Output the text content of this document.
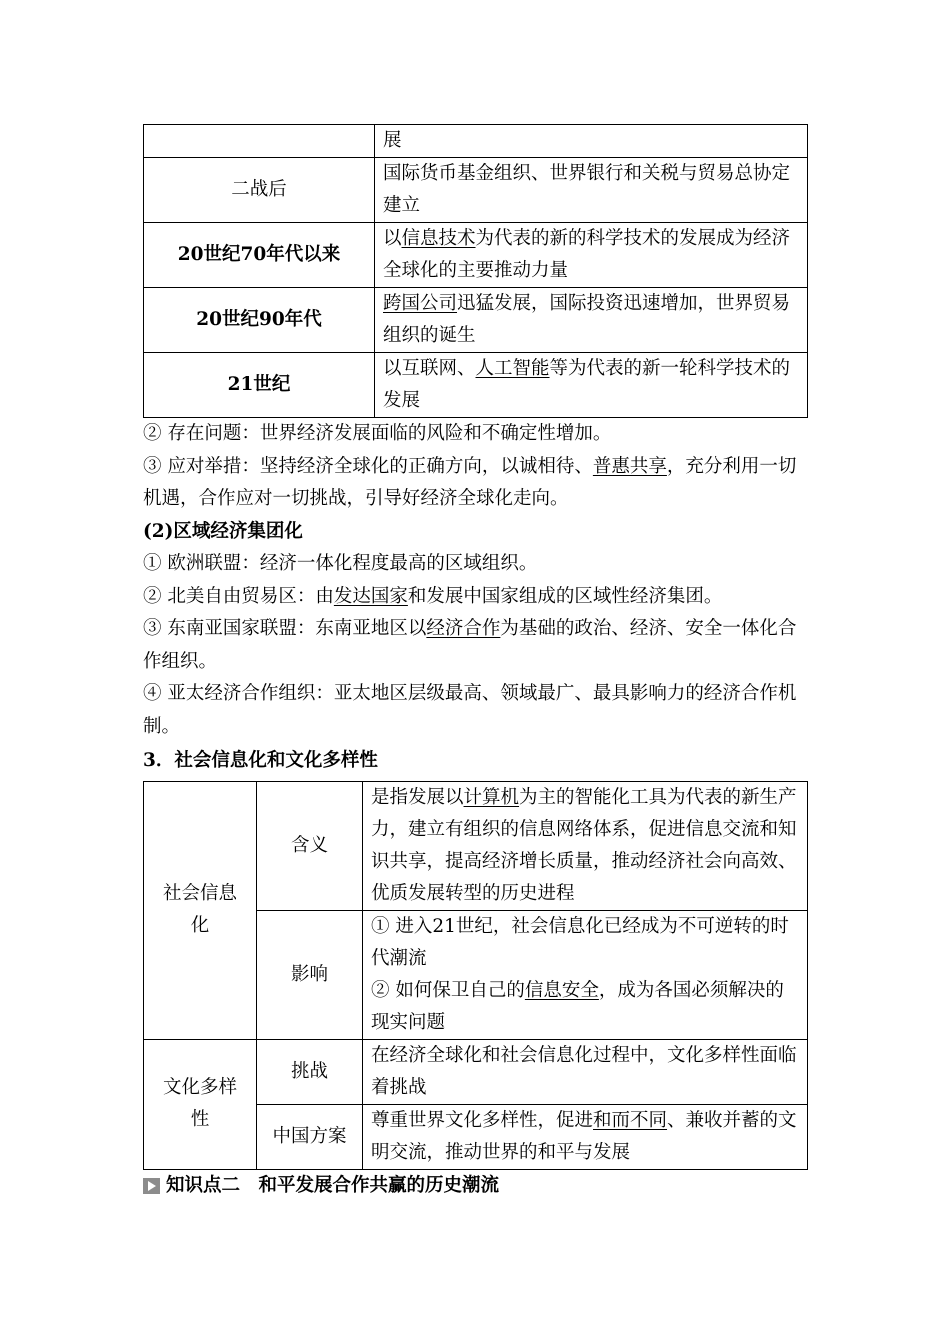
	展
二战后	国际货币基金组织、世界银行和关税与贸易总协定建立
20世纪70年代以来	以信息技术为代表的新的科学技术的发展成为经济全球化的主要推动力量
20世纪90年代	跨国公司迅猛发展，国际投资迅速增加，世界贸易组织的诞生
21世纪	以互联网、人工智能等为代表的新一轮科学技术的发展

② 存在问题：世界经济发展面临的风险和不确定性增加。

③ 应对举措：坚持经济全球化的正确方向，以诚相待、普惠共享，充分利用一切机遇，合作应对一切挑战，引导好经济全球化走向。

(2)区域经济集团化

① 欧洲联盟：经济一体化程度最高的区域组织。

② 北美自由贸易区：由发达国家和发展中国家组成的区域性经济集团。

③ 东南亚国家联盟：东南亚地区以经济合作为基础的政治、经济、安全一体化合作组织。

④ 亚太经济合作组织：亚太地区层级最高、领域最广、最具影响力的经济合作机制。

3．社会信息化和文化多样性

社会信息化	含义	是指发展以计算机为主的智能化工具为代表的新生产力，建立有组织的信息网络体系，促进信息交流和知识共享，提高经济增长质量，推动经济社会向高效、优质发展转型的历史进程
	影响	① 进入21世纪，社会信息化已经成为不可逆转的时代潮流
② 如何保卫自己的信息安全，成为各国必须解决的现实问题

文化多样性	挑战	在经济全球化和社会信息化过程中，文化多样性面临着挑战
	中国方案	尊重世界文化多样性，促进和而不同、兼收并蓄的文明交流，推动世界的和平与发展
知识点二　和平发展合作共赢的历史潮流
